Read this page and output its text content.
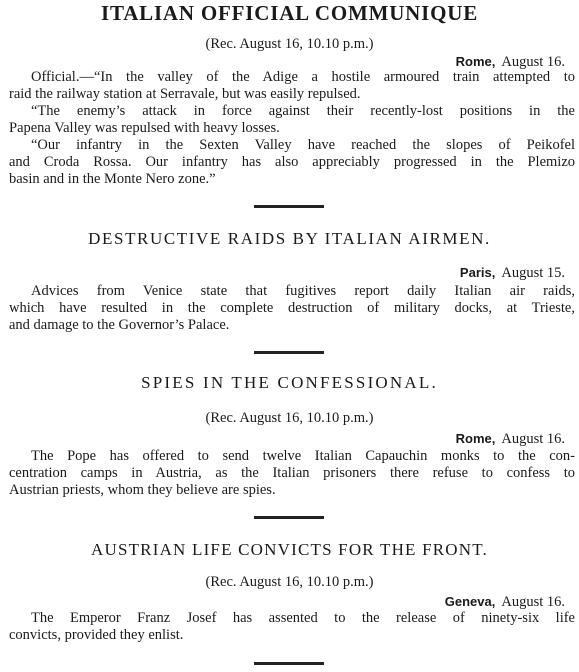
ITALIAN OFFICIAL COMMUNIQUE
(Rec. August 16, 10.10 p.m.)
Rome, August 16.
Official.—“In the valley of the Adige a hostile armoured train attempted to
raid the railway station at Serravale, but was easily repulsed.
“The enemy’s attack in force against their recently-lost positions in the
Papena Valley was repulsed with heavy losses.
“Our infantry in the Sexten Valley have reached the slopes of Peikofel
and Croda Rossa. Our infantry has also appreciably progressed in the Plemizo
basin and in the Monte Nero zone.”
DESTRUCTIVE RAIDS BY ITALIAN AIRMEN.
Paris, August 15.
Advices from Venice state that fugitives report daily Italian air raids,
which have resulted in the complete destruction of military docks, at Trieste,
and damage to the Governor’s Palace.
SPIES IN THE CONFESSIONAL.
(Rec. August 16, 10.10 p.m.)
Rome, August 16.
The Pope has offered to send twelve Italian Capauchin monks to the con-
centration camps in Austria, as the Italian prisoners there refuse to confess to
Austrian priests, whom they believe are spies.
AUSTRIAN LIFE CONVICTS FOR THE FRONT.
(Rec. August 16, 10.10 p.m.)
Geneva, August 16.
The Emperor Franz Josef has assented to the release of ninety-six life
convicts, provided they enlist.
